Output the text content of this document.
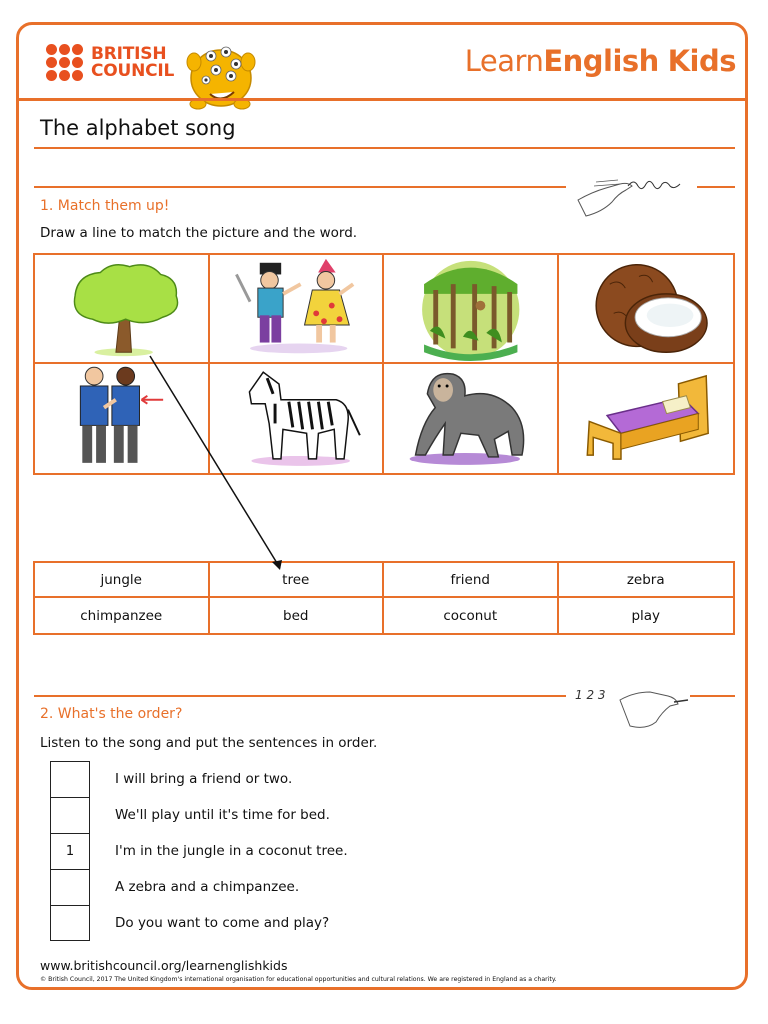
BRITISH
COUNCIL	LearnEnglish Kids
The alphabet song
1. Match them up!
Draw a line to match the picture and the word.
jungle	tree	friend	zebra
chimpanzee	bed	coconut	play
1 2 3
2. What's the order?
Listen to the song and put the sentences in order.
I will bring a friend or two.
We'll play until it's time for bed.
1	I'm in the jungle in a coconut tree.
A zebra and a chimpanzee.
Do you want to come and play?
www.britishcouncil.org/learnenglishkids
© British Council, 2017 The United Kingdom's international organisation for educational opportunities and cultural relations. We are registered in England as a charity.
